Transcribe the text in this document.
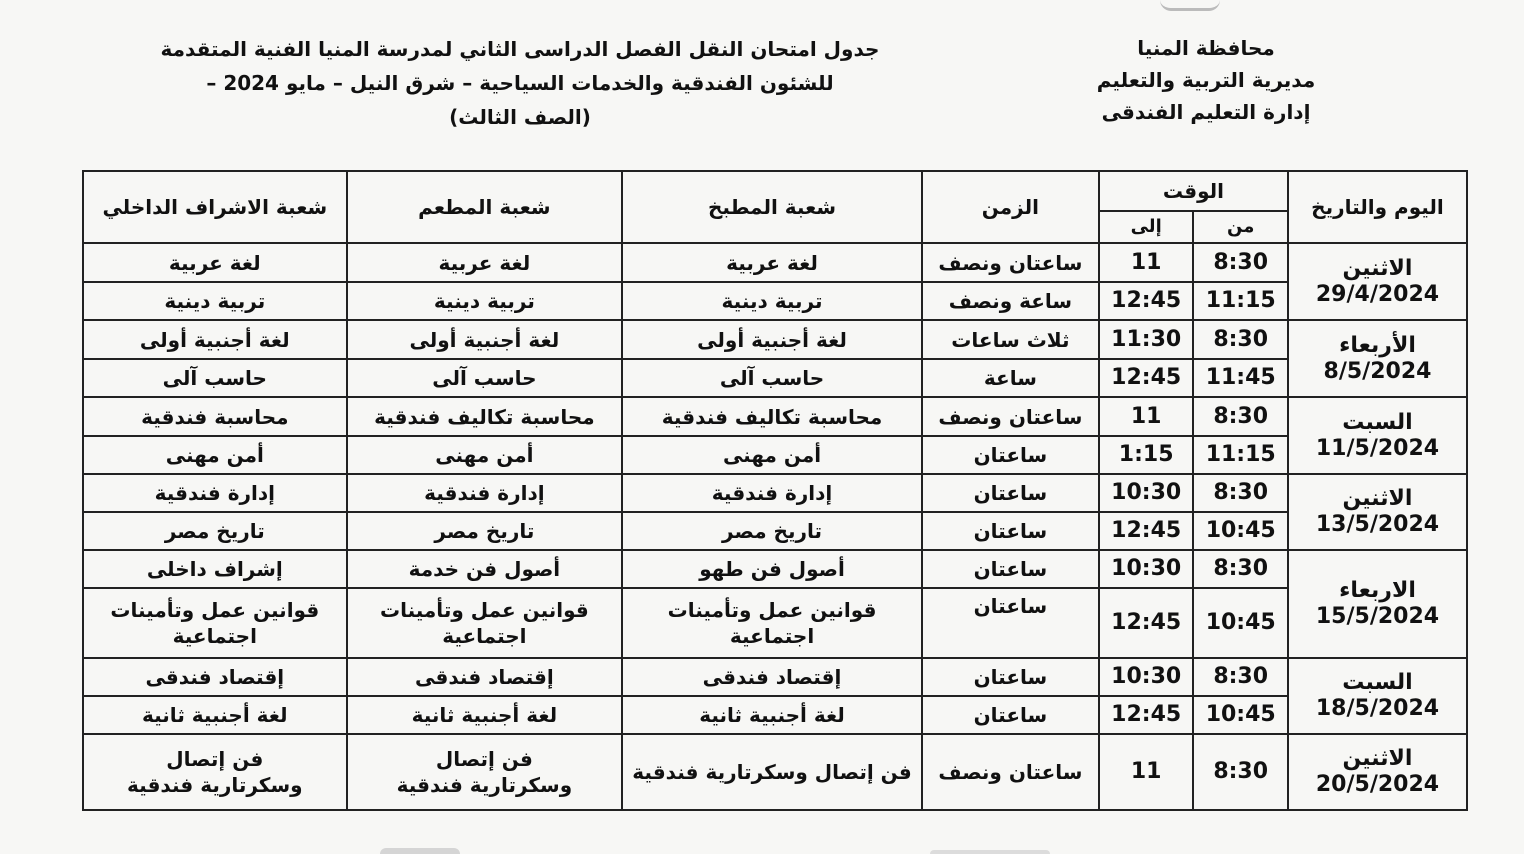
محافظة المنيا
مديرية التربية والتعليم
إدارة التعليم الفندقى
جدول امتحان النقل الفصل الدراسى الثاني لمدرسة المنيا الفنية المتقدمة
للشئون الفندقية والخدمات السياحية – شرق النيل – مايو 2024 –
(الصف الثالث)
اليوم والتاريخ	الوقت		الزمن	شعبة المطبخ	شعبة المطعم	شعبة الاشراف الداخلي
	من	إلى				

الاثنين
29/4/2024	8:30	11	ساعتان ونصف	لغة عربية	لغة عربية	لغة عربية
	11:15	12:45	ساعة ونصف	تربية دينية	تربية دينية	تربية دينية

الأربعاء
8/5/2024	8:30	11:30	ثلاث ساعات	لغة أجنبية أولى	لغة أجنبية أولى	لغة أجنبية أولى
	11:45	12:45	ساعة	حاسب آلى	حاسب آلى	حاسب آلى

السبت
11/5/2024	8:30	11	ساعتان ونصف	محاسبة تكاليف فندقية	محاسبة تكاليف فندقية	محاسبة فندقية
	11:15	1:15	ساعتان	أمن مهنى	أمن مهنى	أمن مهنى

الاثنين
13/5/2024	8:30	10:30	ساعتان	إدارة فندقية	إدارة فندقية	إدارة فندقية
	10:45	12:45	ساعتان	تاريخ مصر	تاريخ مصر	تاريخ مصر

الاربعاء
15/5/2024	8:30	10:30	ساعتان	أصول فن طهو	أصول فن خدمة	إشراف داخلى
	10:45	12:45	ساعتان	قوانين عمل وتأمينات اجتماعية	قوانين عمل وتأمينات اجتماعية	قوانين عمل وتأمينات اجتماعية

السبت
18/5/2024	8:30	10:30	ساعتان	إقتصاد فندقى	إقتصاد فندقى	إقتصاد فندقى
	10:45	12:45	ساعتان	لغة أجنبية ثانية	لغة أجنبية ثانية	لغة أجنبية ثانية

الاثنين
20/5/2024	8:30	11	ساعتان ونصف	فن إتصال وسكرتارية فندقية	فن إتصال وسكرتارية فندقية	فن إتصال وسكرتارية فندقية
